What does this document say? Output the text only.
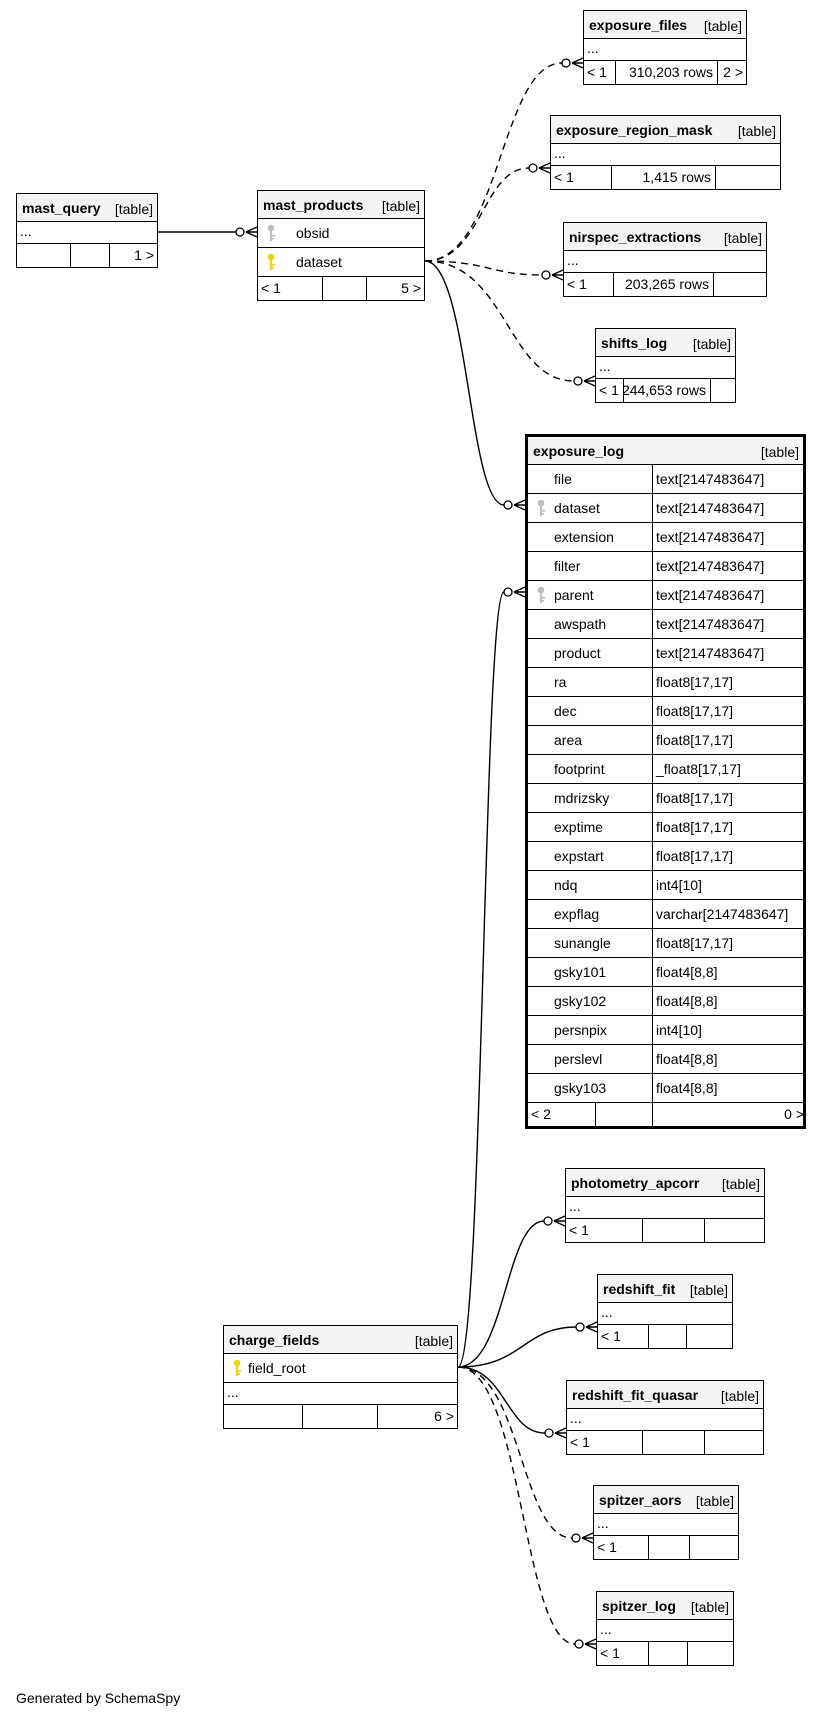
mast_query [table]
...
1 >
mast_products [table]
obsid
dataset
< 1	5 >
exposure_files [table]
...
< 1 310,203 rows 2 >
exposure_region_mask [table]
...
< 1	1,415 rows
nirspec_extractions [table]
...
< 1	203,265 rows
shifts_log [table]
...
< 1 244,653 rows
exposure_log	[table]
file	text[2147483647]
dataset	text[2147483647]
extension	text[2147483647]
filter	text[2147483647]
parent	text[2147483647]
awspath	text[2147483647]
product	text[2147483647]
ra	float8[17,17]
dec	float8[17,17]
area	float8[17,17]
footprint	_float8[17,17]
mdrizsky	float8[17,17]
exptime	float8[17,17]
expstart	float8[17,17]
ndq	int4[10]
expflag	varchar[2147483647]
sunangle	float8[17,17]
gsky101	float4[8,8]
gsky102	float4[8,8]
persnpix	int4[10]
perslevl	float4[8,8]
gsky103	float4[8,8]
< 2	0 >
photometry_apcorr [table]
...
< 1
redshift_fit [table]
...
< 1
redshift_fit_quasar [table]
...
< 1
spitzer_aors [table]
...
< 1
spitzer_log [table]
...
< 1
charge_fields	[table]
field_root
...
6 >
Generated by SchemaSpy
